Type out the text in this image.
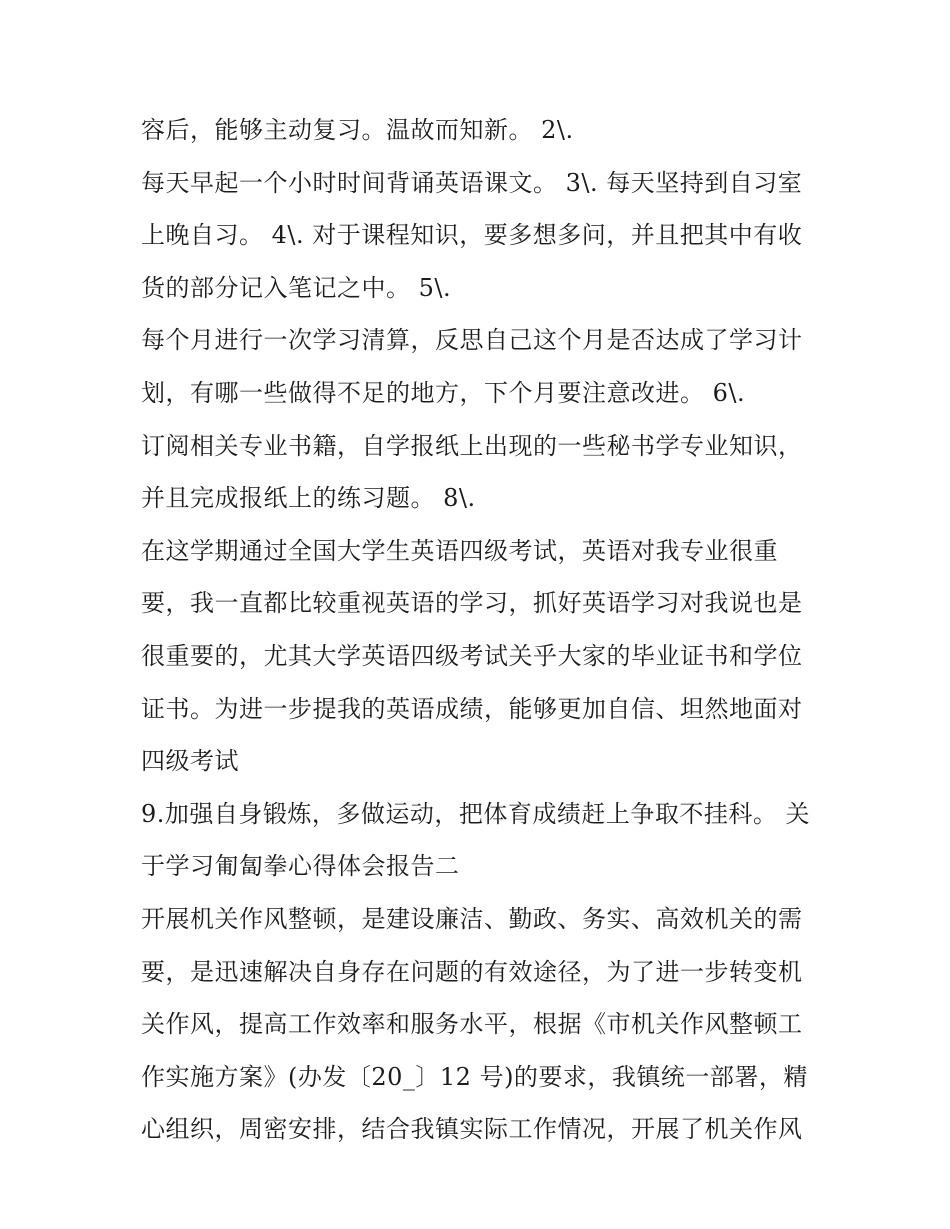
容后，能够主动复习。温故而知新。 2\.
每天早起一个小时时间背诵英语课文。 3\. 每天坚持到自习室
上晚自习。 4\. 对于课程知识，要多想多问，并且把其中有收
货的部分记入笔记之中。 5\.
每个月进行一次学习清算，反思自己这个月是否达成了学习计
划，有哪一些做得不足的地方，下个月要注意改进。 6\.
订阅相关专业书籍，自学报纸上出现的一些秘书学专业知识，
并且完成报纸上的练习题。 8\.
在这学期通过全国大学生英语四级考试，英语对我专业很重
要，我一直都比较重视英语的学习，抓好英语学习对我说也是
很重要的，尤其大学英语四级考试关乎大家的毕业证书和学位
证书。为进一步提我的英语成绩，能够更加自信、坦然地面对
四级考试
9.加强自身锻炼，多做运动，把体育成绩赶上争取不挂科。 关
于学习匍匐拳心得体会报告二
开展机关作风整顿，是建设廉洁、勤政、务实、高效机关的需
要，是迅速解决自身存在问题的有效途径，为了进一步转变机
关作风，提高工作效率和服务水平，根据《市机关作风整顿工
作实施方案》(办发〔20_〕12 号)的要求，我镇统一部署，精
心组织，周密安排，结合我镇实际工作情况，开展了机关作风
